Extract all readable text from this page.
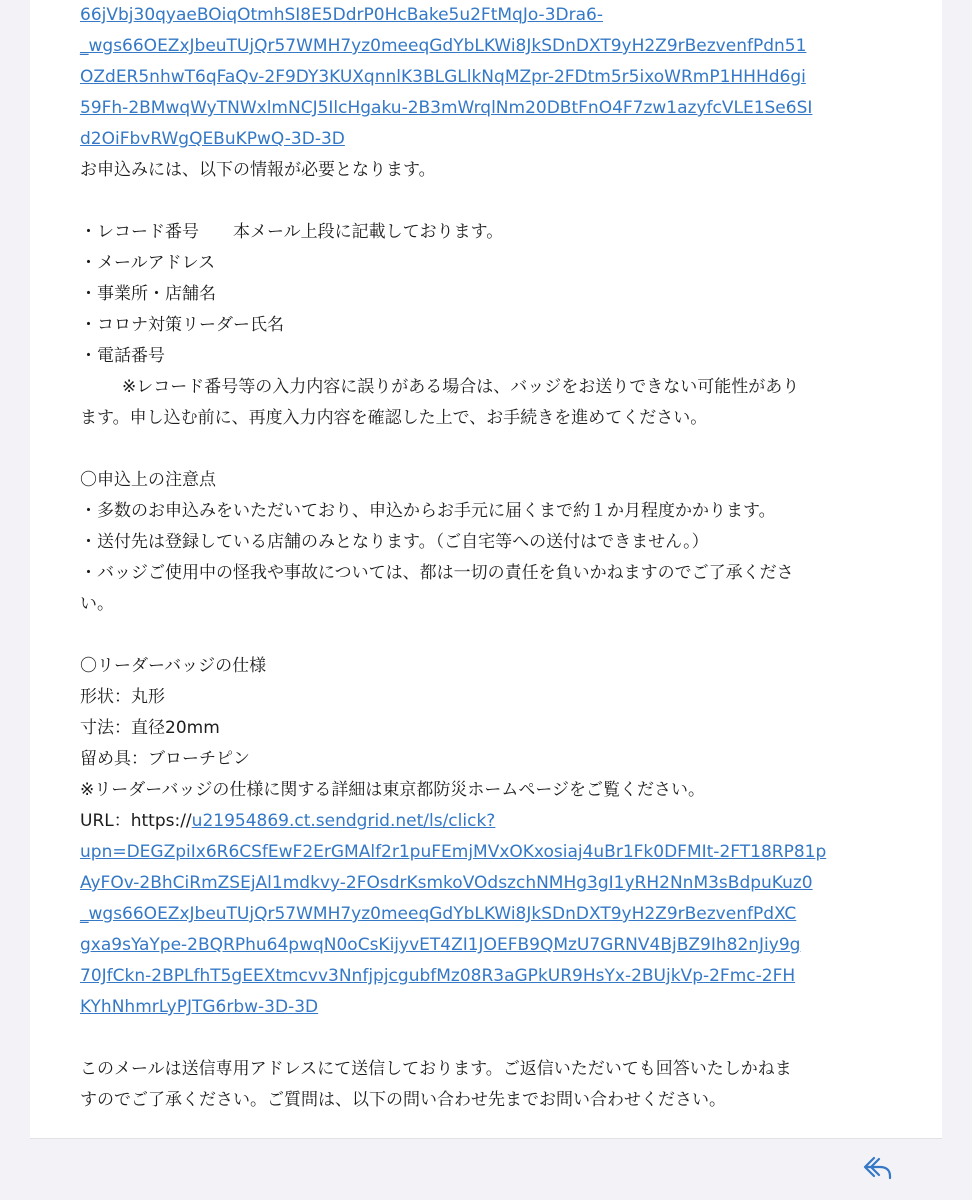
66jVbj30qyaeBOiqOtmhSI8E5DdrP0HcBake5u2FtMqJo-3Dra6-
_wgs66OEZxJbeuTUjQr57WMH7yz0meeqGdYbLKWi8JkSDnDXT9yH2Z9rBezvenfPdn51
OZdER5nhwT6qFaQv-2F9DY3KUXqnnlK3BLGLlkNqMZpr-2FDtm5r5ixoWRmP1HHHd6gi
59Fh-2BMwqWyTNWxlmNCJ5IlcHgaku-2B3mWrqlNm20DBtFnO4F7zw1azyfcVLE1Se6SI
d2OiFbvRWgQEBuKPwQ-3D-3D
お申込みには、以下の情報が必要となります。
・レコード番号　　本メール上段に記載しております。
・メールアドレス
・事業所・店舗名
・コロナ対策リーダー氏名
・電話番号
※レコード番号等の入力内容に誤りがある場合は、バッジをお送りできない可能性があり
ます。申し込む前に、再度入力内容を確認した上で、お手続きを進めてください。
〇申込上の注意点
・多数のお申込みをいただいており、申込からお手元に届くまで約１か月程度かかります。
・送付先は登録している店舗のみとなります。（ご自宅等への送付はできません。）
・バッジご使用中の怪我や事故については、都は一切の責任を負いかねますのでご了承くださ
い。
〇リーダーバッジの仕様
形状：丸形
寸法：直径20mm
留め具：ブローチピン
※リーダーバッジの仕様に関する詳細は東京都防災ホームページをご覧ください。
URL：https://u21954869.ct.sendgrid.net/ls/click?
upn=DEGZpiIx6R6CSfEwF2ErGMAlf2r1puFEmjMVxOKxosiaj4uBr1Fk0DFMIt-2FT18RP81p
AyFOv-2BhCiRmZSEjAl1mdkvy-2FOsdrKsmkoVOdszchNMHg3gI1yRH2NnM3sBdpuKuz0
_wgs66OEZxJbeuTUjQr57WMH7yz0meeqGdYbLKWi8JkSDnDXT9yH2Z9rBezvenfPdXC
gxa9sYaYpe-2BQRPhu64pwqN0oCsKijyvET4ZI1JOEFB9QMzU7GRNV4BjBZ9Ih82nJiy9g
70JfCkn-2BPLfhT5gEEXtmcvv3NnfjpjcgubfMz08R3aGPkUR9HsYx-2BUjkVp-2Fmc-2FH
KYhNhmrLyPJTG6rbw-3D-3D
このメールは送信専用アドレスにて送信しております。ご返信いただいても回答いたしかねま
すのでご了承ください。ご質問は、以下の問い合わせ先までお問い合わせください。
